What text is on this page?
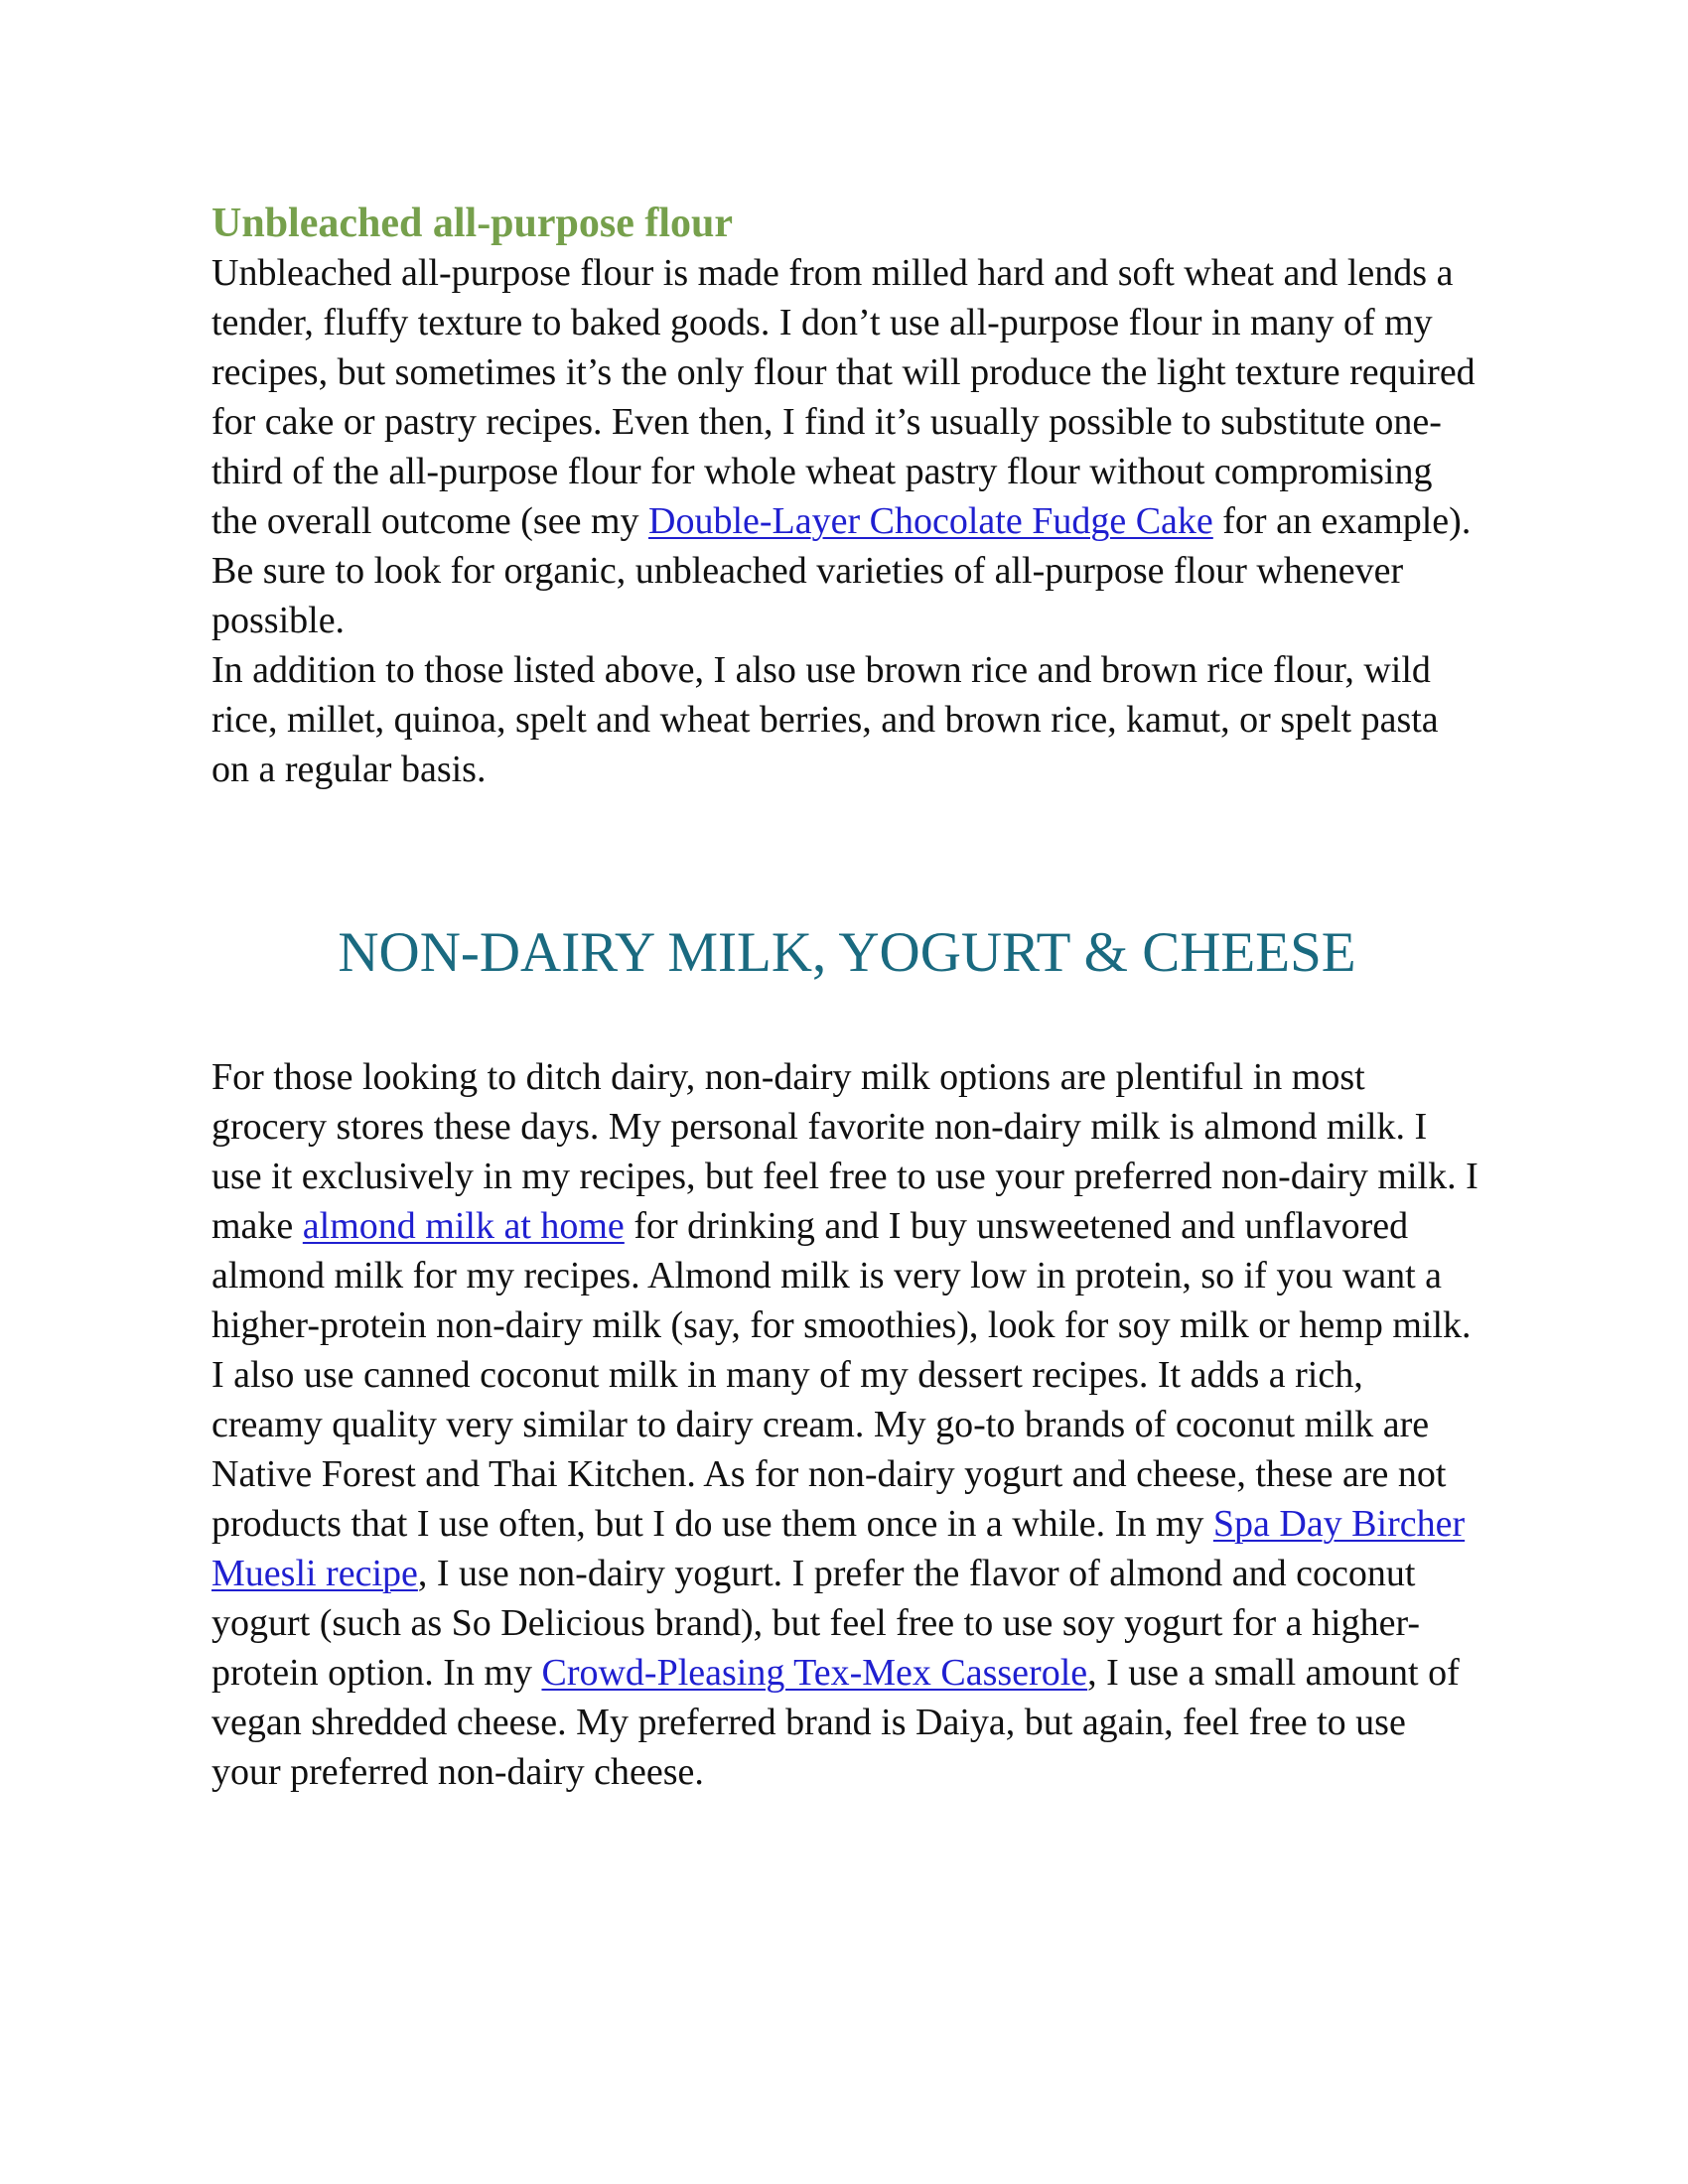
Unbleached all-purpose flour

Unbleached all-purpose flour is made from milled hard and soft wheat and lends a tender, fluffy texture to baked goods. I don’t use all-purpose flour in many of my recipes, but sometimes it’s the only flour that will produce the light texture required for cake or pastry recipes. Even then, I find it’s usually possible to substitute one-third of the all-purpose flour for whole wheat pastry flour without compromising the overall outcome (see my Double-Layer Chocolate Fudge Cake for an example). Be sure to look for organic, unbleached varieties of all-purpose flour whenever possible.

In addition to those listed above, I also use brown rice and brown rice flour, wild rice, millet, quinoa, spelt and wheat berries, and brown rice, kamut, or spelt pasta on a regular basis.

NON-DAIRY MILK, YOGURT & CHEESE

For those looking to ditch dairy, non-dairy milk options are plentiful in most grocery stores these days. My personal favorite non-dairy milk is almond milk. I use it exclusively in my recipes, but feel free to use your preferred non-dairy milk. I make almond milk at home for drinking and I buy unsweetened and unflavored almond milk for my recipes. Almond milk is very low in protein, so if you want a higher-protein non-dairy milk (say, for smoothies), look for soy milk or hemp milk. I also use canned coconut milk in many of my dessert recipes. It adds a rich, creamy quality very similar to dairy cream. My go-to brands of coconut milk are Native Forest and Thai Kitchen. As for non-dairy yogurt and cheese, these are not products that I use often, but I do use them once in a while. In my Spa Day Bircher Muesli recipe, I use non-dairy yogurt. I prefer the flavor of almond and coconut yogurt (such as So Delicious brand), but feel free to use soy yogurt for a higher-protein option. In my Crowd-Pleasing Tex-Mex Casserole, I use a small amount of vegan shredded cheese. My preferred brand is Daiya, but again, feel free to use your preferred non-dairy cheese.
